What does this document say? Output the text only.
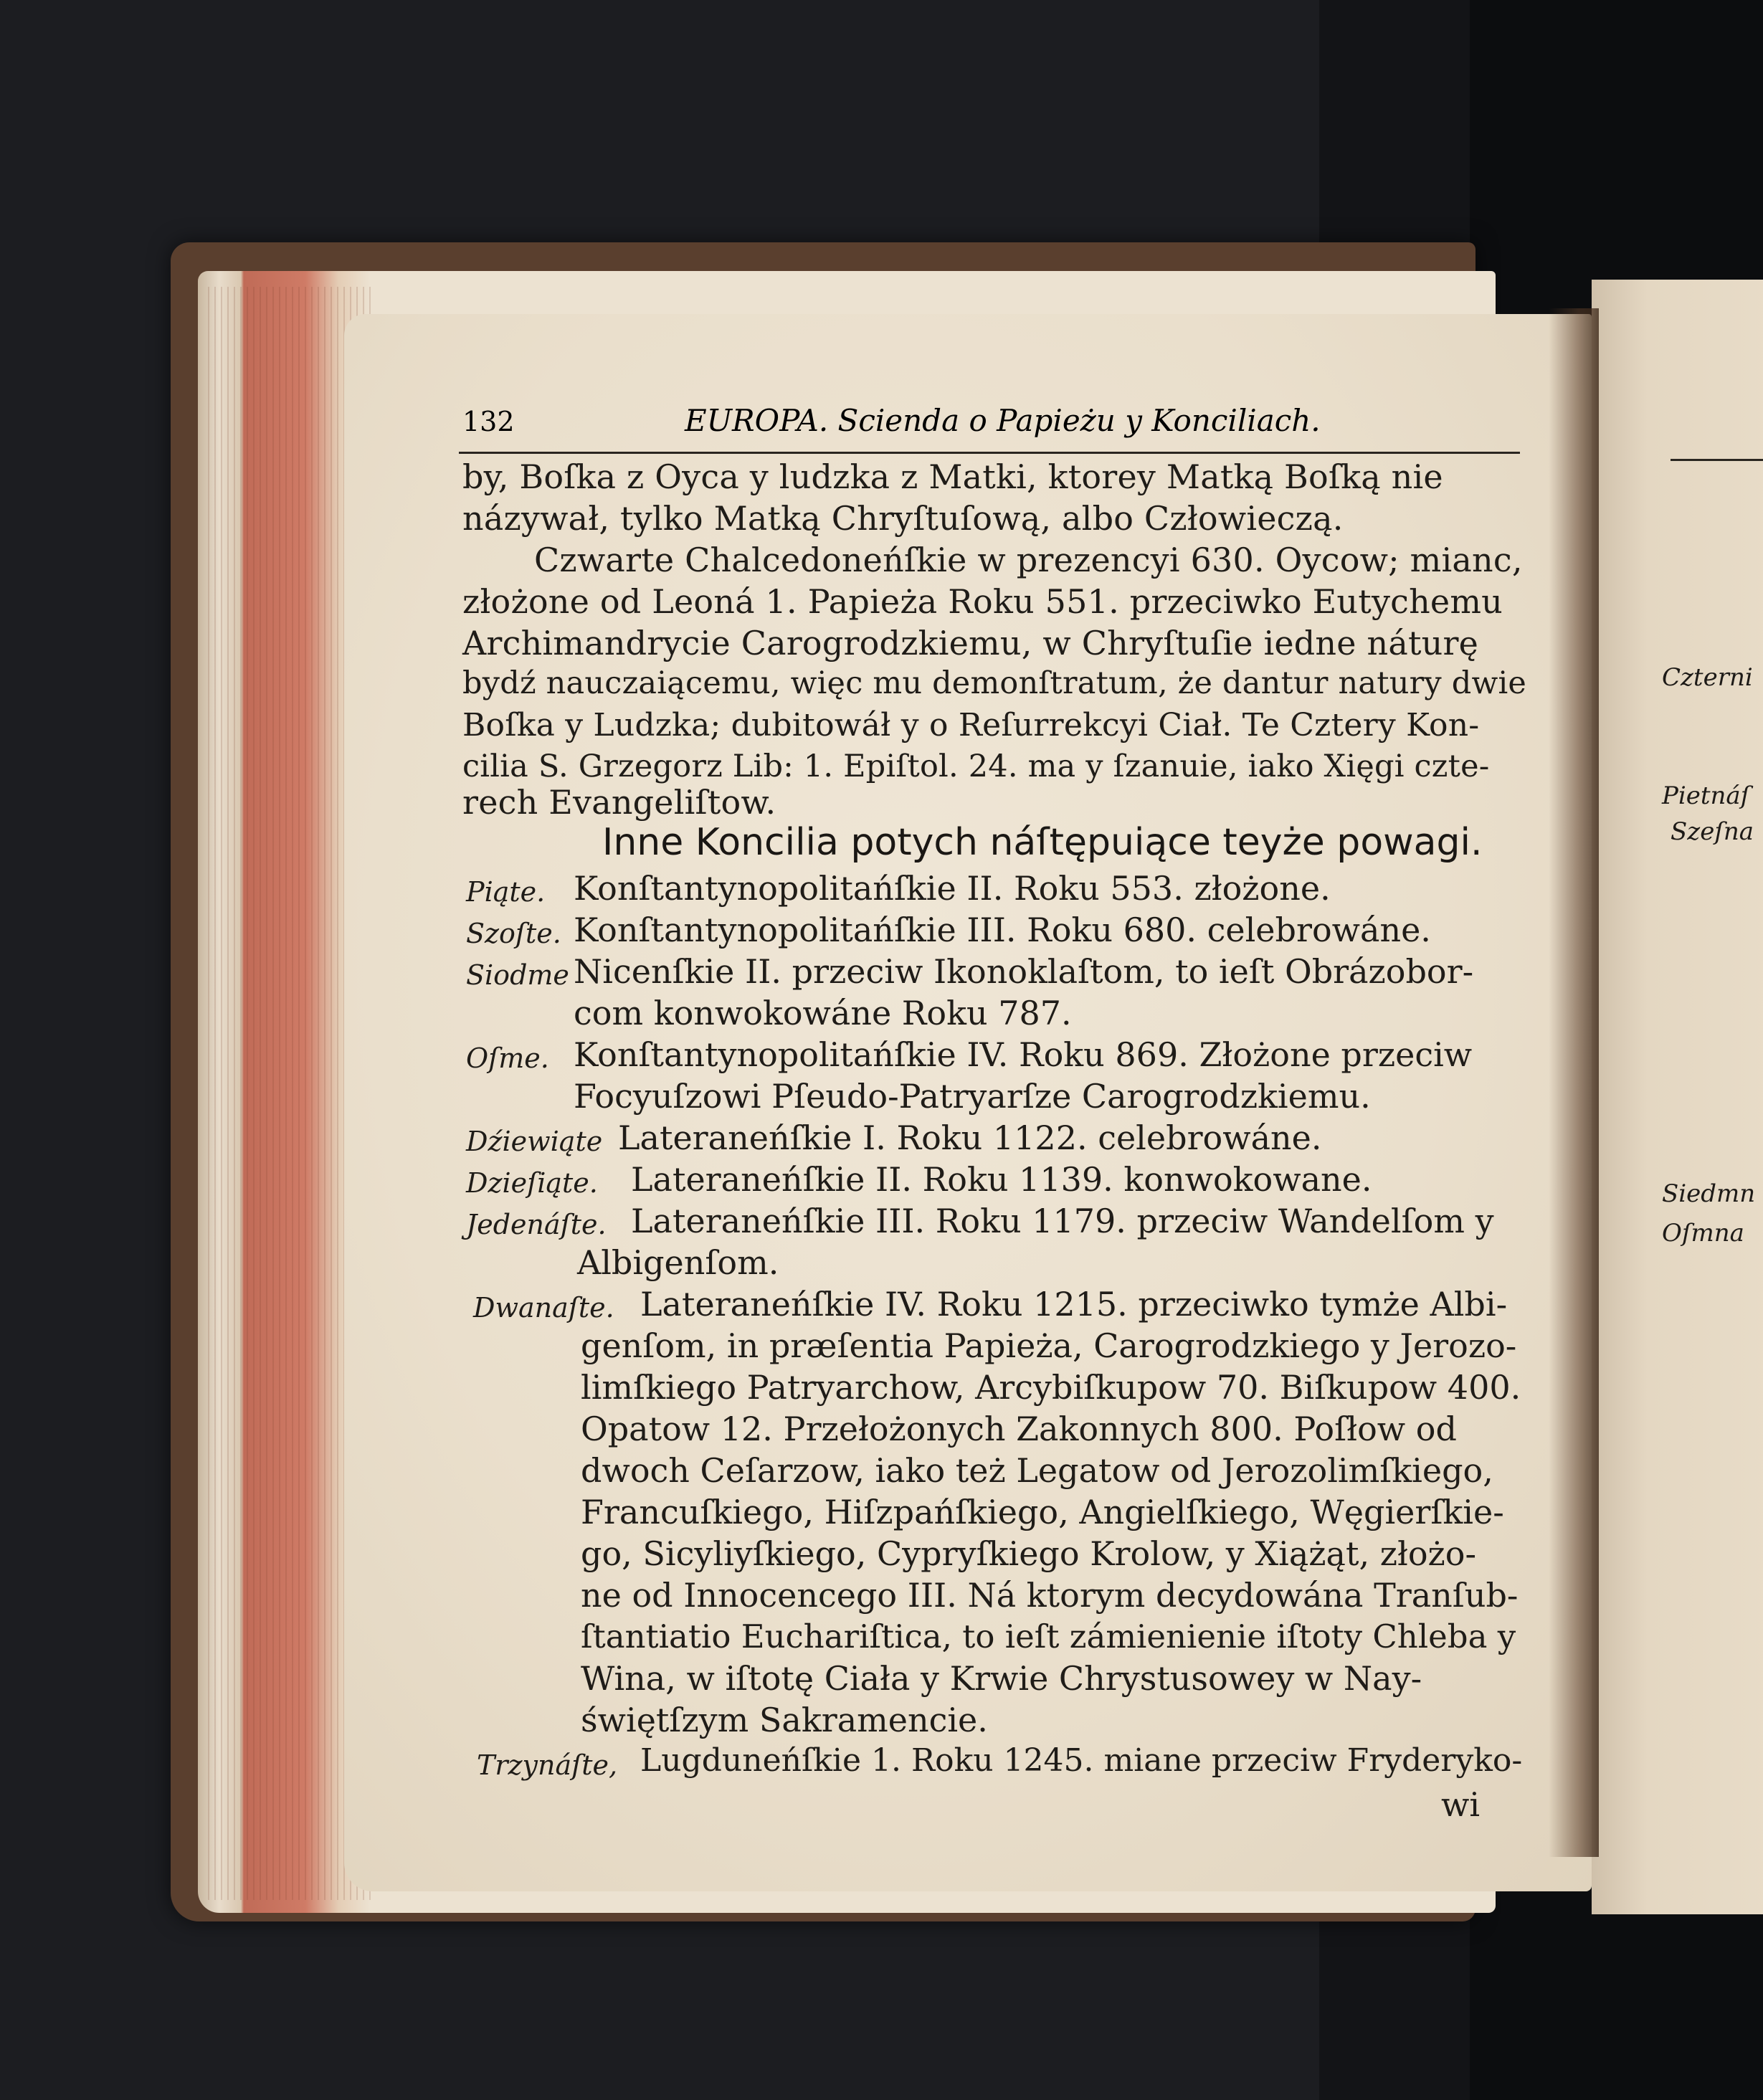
Czterni
Pietnáſ
Szeſna
Siedmn
Oſmna
132	EUROPA. Scienda o Papieżu y Konciliach.
by, Boſka z Oyca y ludzka z Matki, ktorey Matką Boſką nie
názywał, tylko Matką Chryſtuſową, albo Człowieczą.
Czwarte Chalcedoneńſkie w prezencyi 630. Oycow; mianc,
złożone od Leoná 1. Papieża Roku 551. przeciwko Eutychemu
Archimandrycie Carogrodzkiemu, w Chryſtuſie iedne náturę
bydź nauczaiącemu, więc mu demonſtratum, że dantur natury dwie
Boſka y Ludzka; dubitowáł y o Reſurrekcyi Ciał. Te Cztery Kon-
cilia S. Grzegorz Lib: 1. Epiſtol. 24. ma y ſzanuie, iako Xięgi czte-
rech Evangeliſtow.
Inne Koncilia potych náſtępuiące teyże powagi.
Piąte. Konſtantynopolitańſkie II. Roku 553. złożone.
Szoſte. Konſtantynopolitańſkie III. Roku 680. celebrowáne.
Siodme Nicenſkie II. przeciw Ikonoklaſtom, to ieſt Obrázobor-
com konwokowáne Roku 787.
Oſme. Konſtantynopolitańſkie IV. Roku 869. Złożone przeciw
Focyuſzowi Pſeudo-Patryarſze Carogrodzkiemu.
Dźiewiąte Lateraneńſkie I. Roku 1122. celebrowáne.
Dzieſiąte. Lateraneńſkie II. Roku 1139. konwokowane.
Jedenáſte. Lateraneńſkie III. Roku 1179. przeciw Wandelſom y
Albigenſom.
Dwanaſte. Lateraneńſkie IV. Roku 1215. przeciwko tymże Albi-
genſom, in præſentia Papieża, Carogrodzkiego y Jerozo-
limſkiego Patryarchow, Arcybiſkupow 70. Biſkupow 400.
Opatow 12. Przełożonych Zakonnych 800. Poſłow od
dwoch Ceſarzow, iako też Legatow od Jerozolimſkiego,
Francuſkiego, Hiſzpańſkiego, Angielſkiego, Węgierſkie-
go, Sicyliyſkiego, Cypryſkiego Krolow, y Xiążąt, złożo-
ne od Innocencego III. Ná ktorym decydowána Tranſub-
ſtantiatio Euchariſtica, to ieſt zámienienie iſtoty Chleba y
Wina, w iſtotę Ciała y Krwie Chrystusowey w Nay-
świętſzym Sakramencie.
Trzynáſte, Lugduneńſkie 1. Roku 1245. miane przeciw Fryderyko-
wi
